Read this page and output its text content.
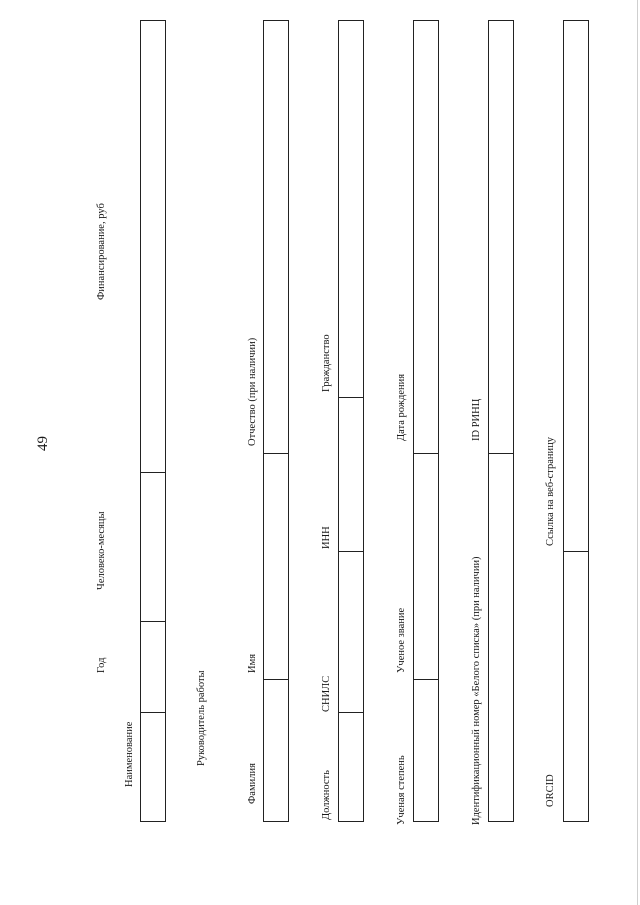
49
Наименование
Год
Человеко-месяцы
Финансирование, руб
Руководитель работы
Фамилия
Имя
Отчество (при наличии)
Должность
СНИЛС
ИНН
Гражданство
Ученая степень
Ученое звание
Дата рождения
Идентификационный номер «Белого списка» (при наличии)
ID РИНЦ
ORCID
Ссылка на веб-страницу
